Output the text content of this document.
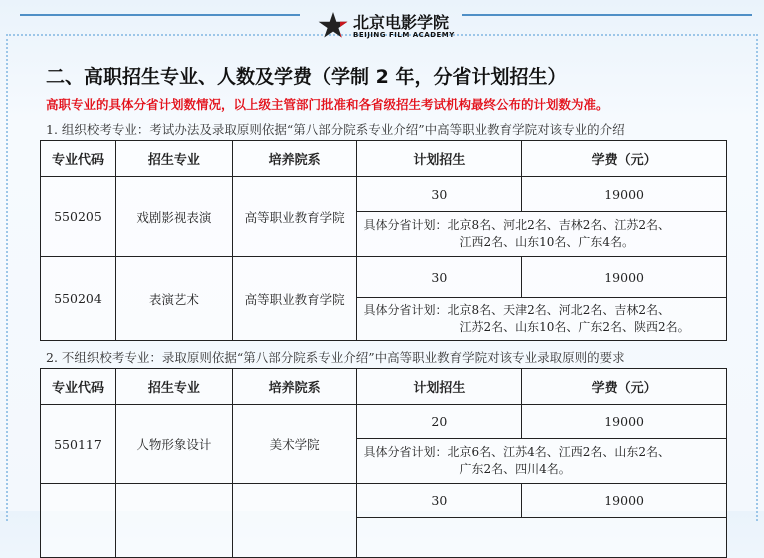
北京电影学院
BEIJING FILM ACADEMY
二、高职招生专业、人数及学费（学制 2 年，分省计划招生）
高职专业的具体分省计划数情况，以上级主管部门批准和各省级招生考试机构最终公布的计划数为准。
1. 组织校考专业：考试办法及录取原则依据“第八部分院系专业介绍”中高等职业教育学院对该专业的介绍
专业代码	招生专业	培养院系	计划招生	学费（元）
550205	戏剧影视表演	高等职业教育学院	30	19000

			具体分省计划：北京8名、河北2名、吉林2名、江苏2名、
江西2名、山东10名、广东4名。	

550204	表演艺术	高等职业教育学院	30	19000

			具体分省计划：北京8名、天津2名、河北2名、吉林2名、
江苏2名、山东10名、广东2名、陕西2名。	
2. 不组织校考专业：录取原则依据“第八部分院系专业介绍”中高等职业教育学院对该专业录取原则的要求
专业代码	招生专业	培养院系	计划招生	学费（元）
550117	人物形象设计	美术学院	20	19000

			具体分省计划：北京6名、江苏4名、江西2名、山东2名、
广东2名、四川4名。	

			30	19000
